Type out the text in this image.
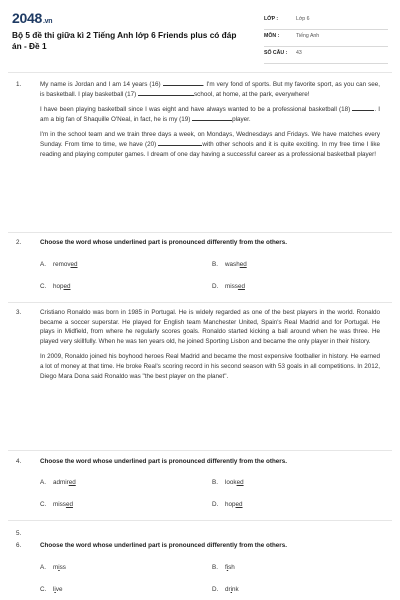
2048.vn
Bộ 5 đề thi giữa kì 2 Tiếng Anh lớp 6 Friends plus có đáp án - Đề 1
LỚP :	Lớp 6
MÔN :	Tiếng Anh
SỐ CÂU : 43
1.	My name is Jordan and I am 14 years (16)	. I'm very fond of sports. But my favorite sport, as you can see, is basketball. I play basketball (17)	school, at home, at the park, everywhere!

I have been playing basketball since I was eight and have always wanted to be a professional basketball (18)	. I am a big fan of Shaquille O'Neal, in fact, he is my (19)	player.

I'm in the school team and we train three days a week, on Mondays, Wednesdays and Fridays. We have matches every Sunday. From time to time, we have (20)	with other schools and it is quite exciting. In my free time I like reading and playing computer games. I dream of one day having a successful career as a professional basketball player!

2.	Choose the word whose underlined part is pronounced differently from the others.
A. removed	B. washed
C. hoped	D. missed
3.	Cristiano Ronaldo was born in 1985 in Portugal. He is widely regarded as one of the best players in the world. Ronaldo became a soccer superstar. He played for English team Manchester United, Spain's Real Madrid and for Portugal. He plays in Midfield, from where he regularly scores goals. Ronaldo started kicking a ball around when he was three. He played very skillfully. When he was ten years old, he joined Sporting Lisbon and became the only player in their history.

In 2009, Ronaldo joined his boyhood heroes Real Madrid and became the most expensive footballer in history. He earned a lot of money at that time. He broke Real's scoring record in his second season with 53 goals in all competitions. In 2012, Diego Mara Dona said Ronaldo was "the best player on the planet".

4.	Choose the word whose underlined part is pronounced differently from the others.
A. admired	B. looked
C. missed	D. hoped
5.
6.	Choose the word whose underlined part is pronounced differently from the others.
A. miss	B. fish
C. live	D. drink
